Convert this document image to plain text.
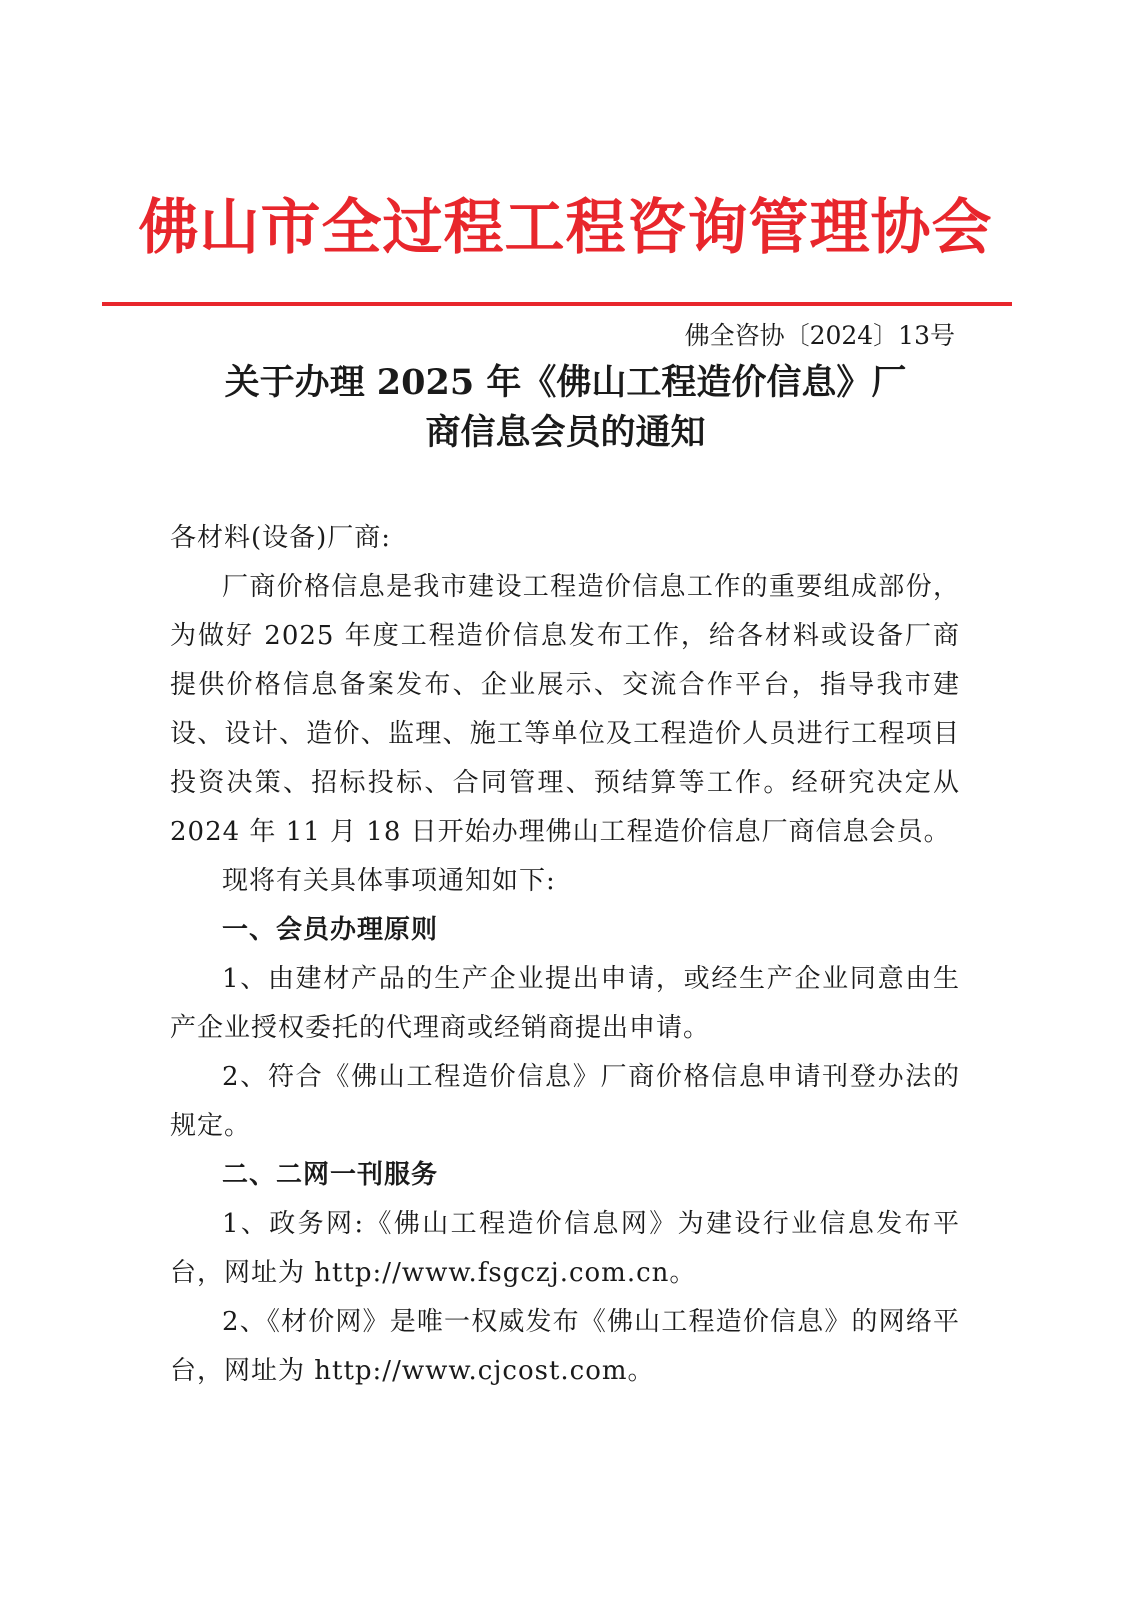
佛山市全过程工程咨询管理协会
佛全咨协〔2024〕13号
关于办理 2025 年《佛山工程造价信息》厂
商信息会员的通知

各材料(设备)厂商:

厂商价格信息是我市建设工程造价信息工作的重要组成部份，为做好 2025 年度工程造价信息发布工作，给各材料或设备厂商提供价格信息备案发布、企业展示、交流合作平台，指导我市建设、设计、造价、监理、施工等单位及工程造价人员进行工程项目投资决策、招标投标、合同管理、预结算等工作。经研究决定从 2024 年 11 月 18 日开始办理佛山工程造价信息厂商信息会员。

现将有关具体事项通知如下:

一、会员办理原则

1、由建材产品的生产企业提出申请，或经生产企业同意由生产企业授权委托的代理商或经销商提出申请。

2、符合《佛山工程造价信息》厂商价格信息申请刊登办法的规定。

二、二网一刊服务

1、政务网:《佛山工程造价信息网》为建设行业信息发布平台，网址为 http://www.fsgczj.com.cn。

2、《材价网》是唯一权威发布《佛山工程造价信息》的网络平台，网址为 http://www.cjcost.com。
